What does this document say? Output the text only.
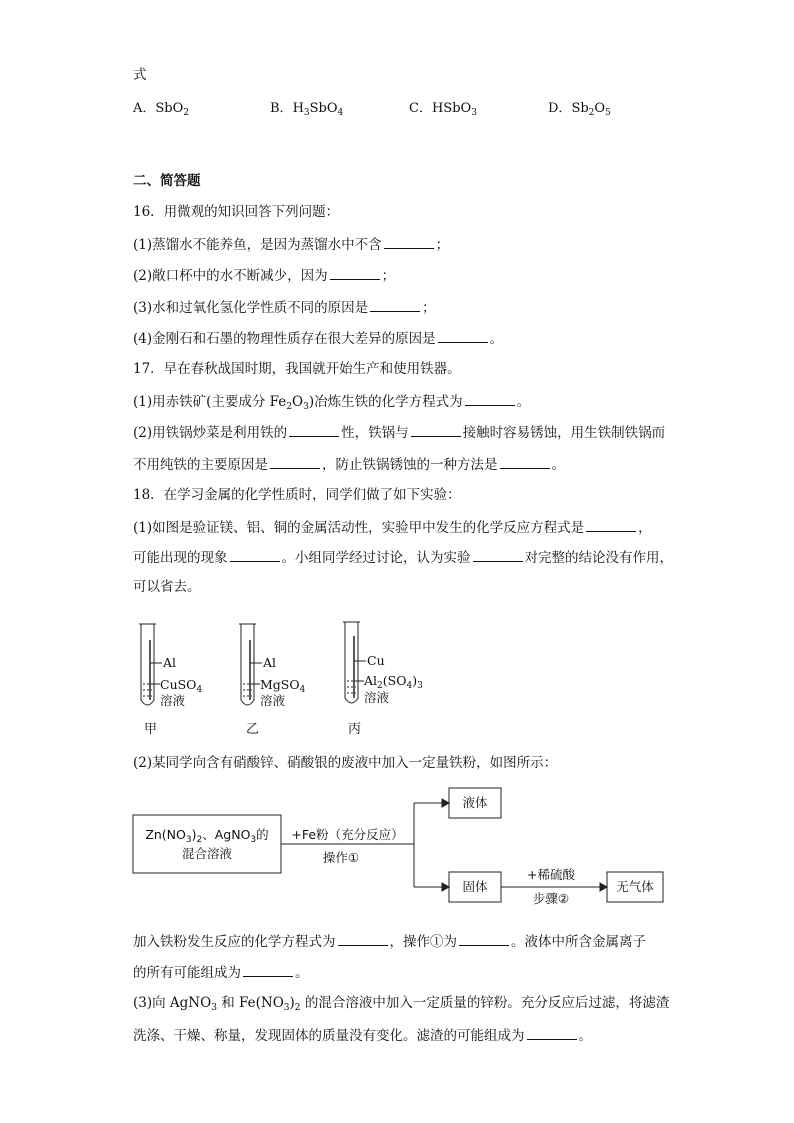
式
A．SbO$_2$	B．$H_3SbO_4$	C．HSbO$_3$	D．$Sb_2O_5$
二、简答题
16．用微观的知识回答下列问题：
(1)蒸馏水不能养鱼，是因为蒸馏水中不含	；
(2)敞口杯中的水不断减少，因为	；
(3)水和过氧化氢化学性质不同的原因是	；
(4)金刚石和石墨的物理性质存在很大差异的原因是	。
17．早在春秋战国时期，我国就开始生产和使用铁器。
(1)用赤铁矿(主要成分 $Fe_2O_3$)冶炼生铁的化学方程式为	。
(2)用铁锅炒菜是利用铁的	性，铁锅与	接触时容易锈蚀，用生铁制铁锅而
不用纯铁的主要原因是	，防止铁锅锈蚀的一种方法是	。
18．在学习金属的化学性质时，同学们做了如下实验：
(1)如图是验证镁、铝、铜的金属活动性，实验甲中发生的化学反应方程式是	，
可能出现的现象	。小组同学经过讨论，认为实验	对完整的结论没有作用，
可以省去。
Al
CuSO$_4$
溶液
甲
Al
MgSO$_4$
溶液
乙
Cu
$Al_2(SO_4)_3$
溶液
丙
(2)某同学向含有硝酸锌、硝酸银的废液中加入一定量铁粉，如图所示：
$Zn(NO_3)_2$、AgNO$_3$的
混合溶液
+Fe粉（充分反应）
操作①
液体
固体
+稀硫酸
步骤②
无气体
加入铁粉发生反应的化学方程式为	，操作①为	。液体中所含金属离子
的所有可能组成为	。
(3)向 AgNO$_3$ 和 $Fe(NO_3)_2$ 的混合溶液中加入一定质量的锌粉。充分反应后过滤，将滤渣
洗涤、干燥、称量，发现固体的质量没有变化。滤渣的可能组成为	。
